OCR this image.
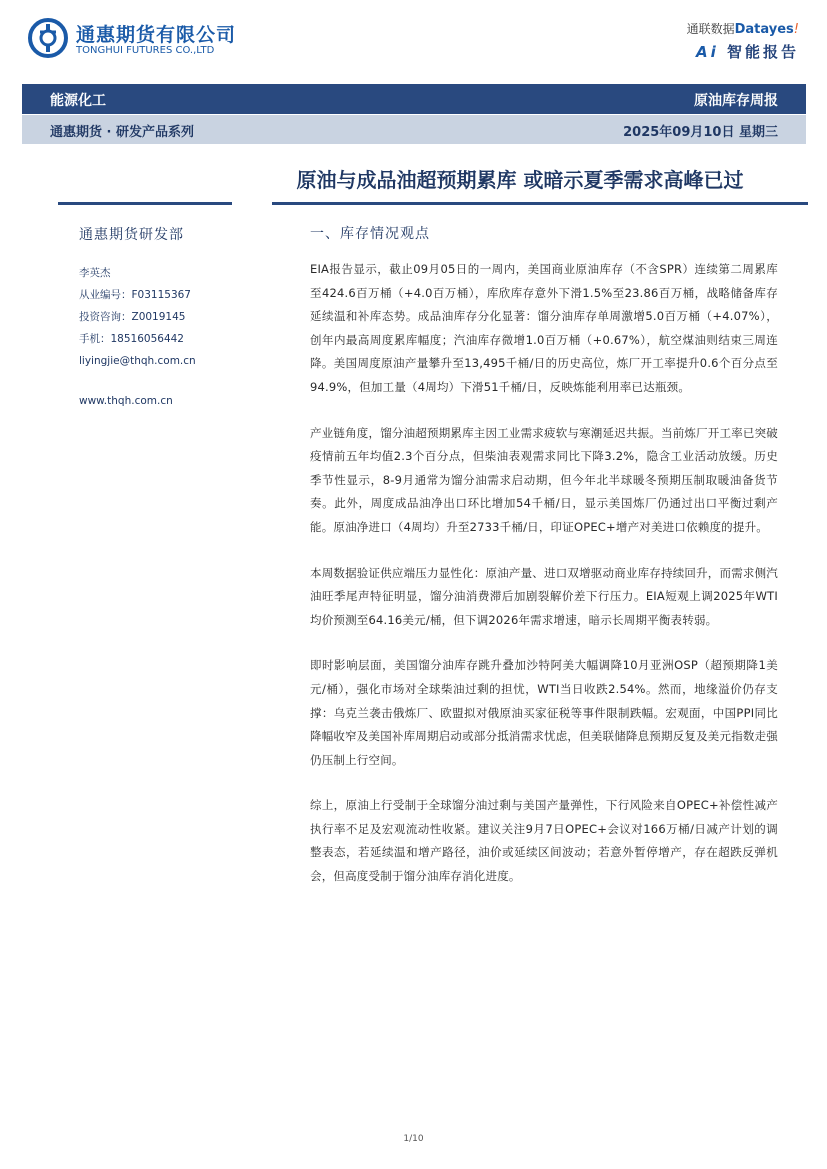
通惠期货有限公司
TONGHUI FUTURES CO.,LTD
通联数据Datayes!
Ai 智能报告
能源化工	原油库存周报
通惠期货 · 研发产品系列	2025年09月10日 星期三
原油与成品油超预期累库 或暗示夏季需求高峰已过
通惠期货研发部
李英杰
从业编号：F03115367
投资咨询：Z0019145
手机：18516056442
liyingjie@thqh.com.cn
www.thqh.com.cn
一、库存情况观点

EIA报告显示，截止09月05日的一周内，美国商业原油库存（不含SPR）连续第二周累库至424.6百万桶（+4.0百万桶），库欣库存意外下滑1.5%至23.86百万桶，战略储备库存延续温和补库态势。成品油库存分化显著：馏分油库存单周激增5.0百万桶（+4.07%），创年内最高周度累库幅度；汽油库存微增1.0百万桶（+0.67%），航空煤油则结束三周连降。美国周度原油产量攀升至13,495千桶/日的历史高位，炼厂开工率提升0.6个百分点至94.9%，但加工量（4周均）下滑51千桶/日，反映炼能利用率已达瓶颈。

产业链角度，馏分油超预期累库主因工业需求疲软与寒潮延迟共振。当前炼厂开工率已突破疫情前五年均值2.3个百分点，但柴油表观需求同比下降3.2%，隐含工业活动放缓。历史季节性显示，8-9月通常为馏分油需求启动期，但今年北半球暖冬预期压制取暖油备货节奏。此外，周度成品油净出口环比增加54千桶/日，显示美国炼厂仍通过出口平衡过剩产能。原油净进口（4周均）升至2733千桶/日，印证OPEC+增产对美进口依赖度的提升。

本周数据验证供应端压力显性化：原油产量、进口双增驱动商业库存持续回升，而需求侧汽油旺季尾声特征明显，馏分油消费滞后加剧裂解价差下行压力。EIA短观上调2025年WTI均价预测至64.16美元/桶，但下调2026年需求增速，暗示长周期平衡表转弱。

即时影响层面，美国馏分油库存跳升叠加沙特阿美大幅调降10月亚洲OSP（超预期降1美元/桶），强化市场对全球柴油过剩的担忧，WTI当日收跌2.54%。然而，地缘溢价仍存支撑：乌克兰袭击俄炼厂、欧盟拟对俄原油买家征税等事件限制跌幅。宏观面，中国PPI同比降幅收窄及美国补库周期启动或部分抵消需求忧虑，但美联储降息预期反复及美元指数走强仍压制上行空间。

综上，原油上行受制于全球馏分油过剩与美国产量弹性，下行风险来自OPEC+补偿性减产执行率不足及宏观流动性收紧。建议关注9月7日OPEC+会议对166万桶/日减产计划的调整表态，若延续温和增产路径，油价或延续区间波动；若意外暂停增产，存在超跌反弹机会，但高度受制于馏分油库存消化进度。

1/10
